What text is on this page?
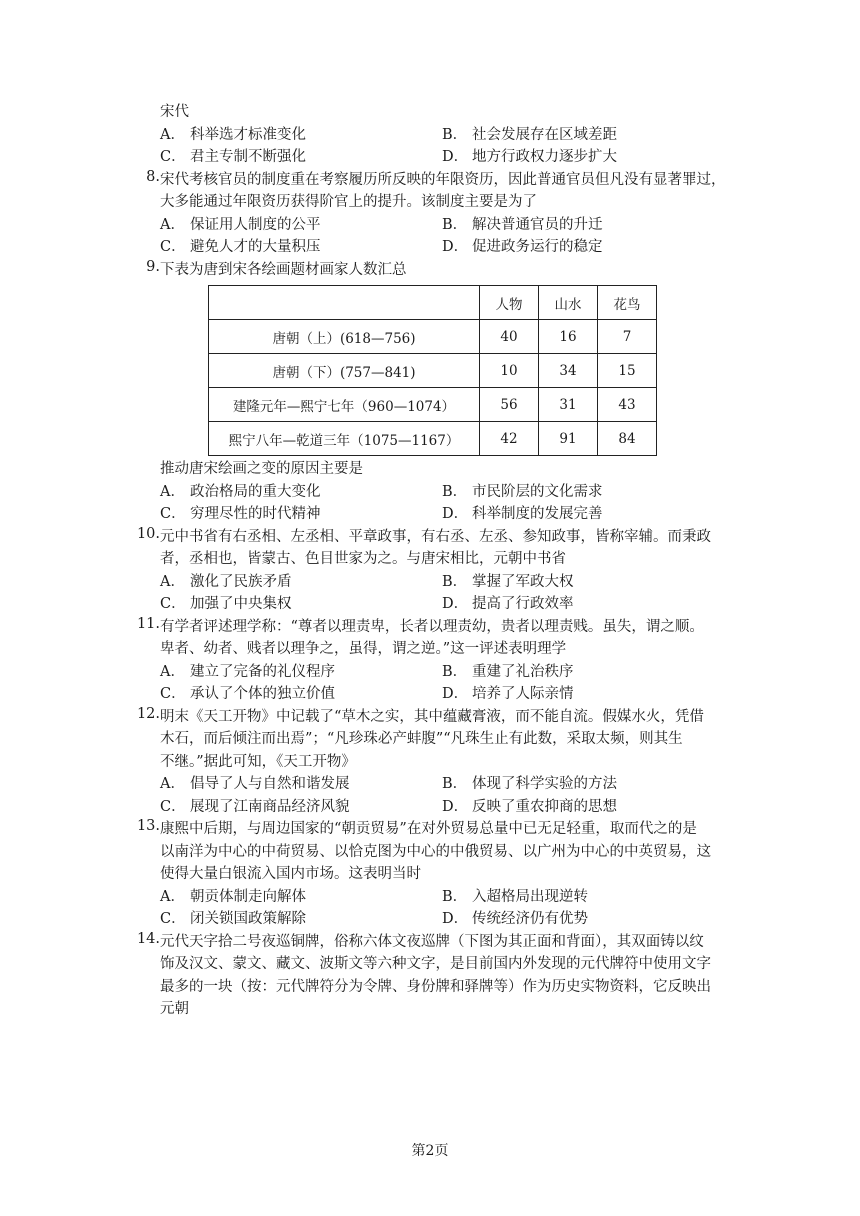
宋代
A． 科举选才标准变化	B． 社会发展存在区域差距
C． 君主专制不断强化	D． 地方行政权力逐步扩大
8. 宋代考核官员的制度重在考察履历所反映的年限资历，因此普通官员但凡没有显著罪过，
大多能通过年限资历获得阶官上的提升。该制度主要是为了
A． 保证用人制度的公平	B． 解决普通官员的升迁
C． 避免人才的大量积压	D． 促进政务运行的稳定
9. 下表为唐到宋各绘画题材画家人数汇总
	人物	山水	花鸟
唐朝（上）(618—756)	40	16	7
唐朝（下）(757—841)	10	34	15
建隆元年—熙宁七年（960—1074）	56	31	43
熙宁八年—乾道三年（1075—1167）	42	91	84
推动唐宋绘画之变的原因主要是
A． 政治格局的重大变化	B． 市民阶层的文化需求
C． 穷理尽性的时代精神	D． 科举制度的发展完善
10. 元中书省有右丞相、左丞相、平章政事，有右丞、左丞、参知政事，皆称宰辅。而秉政
者，丞相也，皆蒙古、色目世家为之。与唐宋相比，元朝中书省
A． 激化了民族矛盾	B． 掌握了军政大权
C． 加强了中央集权	D． 提高了行政效率
11. 有学者评述理学称：“尊者以理责卑，长者以理责幼，贵者以理责贱。虽失，谓之顺。
卑者、幼者、贱者以理争之，虽得，谓之逆。”这一评述表明理学
A． 建立了完备的礼仪程序	B． 重建了礼治秩序
C． 承认了个体的独立价值	D． 培养了人际亲情
12. 明末《天工开物》中记载了“草木之实，其中蕴藏膏液，而不能自流。假媒水火，凭借
木石，而后倾注而出焉”；“凡珍珠必产蚌腹”“凡珠生止有此数，采取太频，则其生
不继。”据此可知，《天工开物》
A． 倡导了人与自然和谐发展	B． 体现了科学实验的方法
C． 展现了江南商品经济风貌	D． 反映了重农抑商的思想
13. 康熙中后期，与周边国家的“朝贡贸易”在对外贸易总量中已无足轻重，取而代之的是
以南洋为中心的中荷贸易、以恰克图为中心的中俄贸易、以广州为中心的中英贸易，这
使得大量白银流入国内市场。这表明当时
A． 朝贡体制走向解体	B． 入超格局出现逆转
C． 闭关锁国政策解除	D． 传统经济仍有优势
14. 元代天字拾二号夜巡铜牌，俗称六体文夜巡牌（下图为其正面和背面），其双面铸以纹
饰及汉文、蒙文、藏文、波斯文等六种文字，是目前国内外发现的元代牌符中使用文字
最多的一块（按：元代牌符分为令牌、身份牌和驿牌等）作为历史实物资料，它反映出
元朝
第2页
